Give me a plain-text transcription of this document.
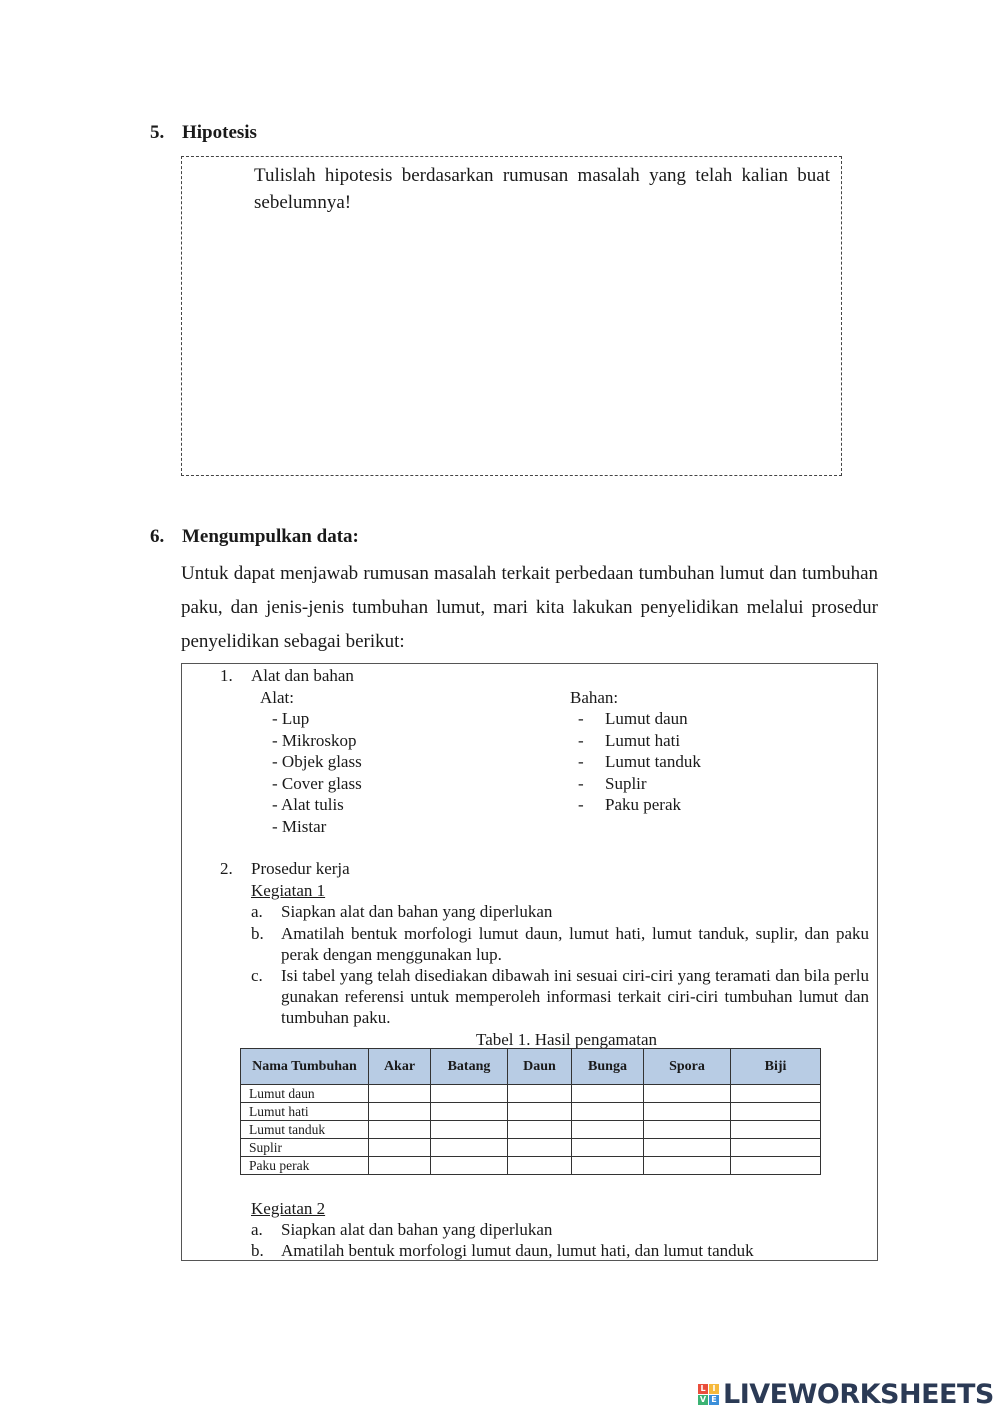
5. Hipotesis
Tulislah hipotesis berdasarkan rumusan masalah yang telah kalian buat sebelumnya!
6. Mengumpulkan data:
Untuk dapat menjawab rumusan masalah terkait perbedaan tumbuhan lumut dan tumbuhan paku, dan jenis-jenis tumbuhan lumut, mari kita lakukan penyelidikan melalui prosedur penyelidikan sebagai berikut:
1. Alat dan bahan
Alat:
- Lup
- Mikroskop
- Objek glass
- Cover glass
- Alat tulis
- Mistar
Bahan:
- Lumut daun
- Lumut hati
- Lumut tanduk
- Suplir
- Paku perak
2. Prosedur kerja
Kegiatan 1
a. Siapkan alat dan bahan yang diperlukan
b. Amatilah bentuk morfologi lumut daun, lumut hati, lumut tanduk, suplir, dan paku perak dengan menggunakan lup.
c. Isi tabel yang telah disediakan dibawah ini sesuai ciri-ciri yang teramati dan bila perlu gunakan referensi untuk memperoleh informasi terkait ciri-ciri tumbuhan lumut dan tumbuhan paku.
Tabel 1. Hasil pengamatan
Nama Tumbuhan	Akar	Batang	Daun	Bunga	Spora	Biji
Lumut daun						
Lumut hati						
Lumut tanduk						
Suplir						
Paku perak						
Kegiatan 2
a. Siapkan alat dan bahan yang diperlukan
b. Amatilah bentuk morfologi lumut daun, lumut hati, dan lumut tanduk
L I
V E LIVEWORKSHEETS
